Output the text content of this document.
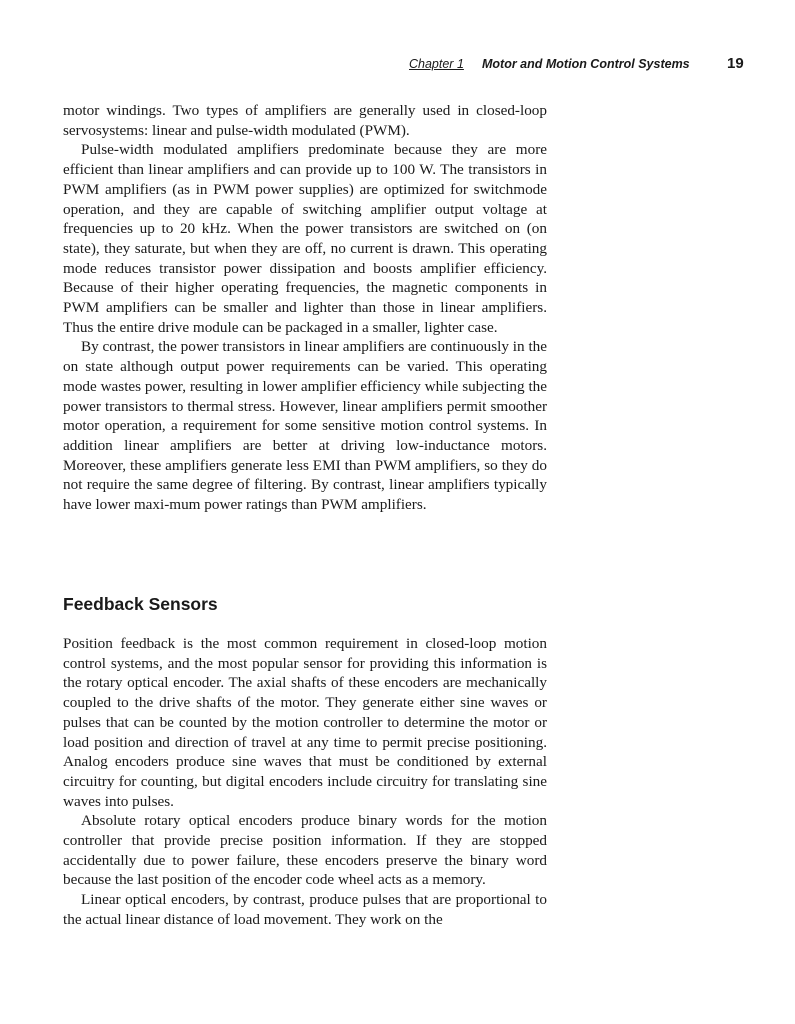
Chapter 1 Motor and Motion Control Systems 19

motor windings. Two types of amplifiers are generally used in closed-loop servosystems: linear and pulse-width modulated (PWM).

Pulse-width modulated amplifiers predominate because they are more efficient than linear amplifiers and can provide up to 100 W. The transistors in PWM amplifiers (as in PWM power supplies) are optimized for switchmode operation, and they are capable of switching amplifier output voltage at frequencies up to 20 kHz. When the power transistors are switched on (on state), they saturate, but when they are off, no current is drawn. This operating mode reduces transistor power dissipation and boosts amplifier efficiency. Because of their higher operating frequencies, the magnetic components in PWM amplifiers can be smaller and lighter than those in linear amplifiers. Thus the entire drive module can be packaged in a smaller, lighter case.

By contrast, the power transistors in linear amplifiers are continuously in the on state although output power requirements can be varied. This operating mode wastes power, resulting in lower amplifier efficiency while subjecting the power transistors to thermal stress. However, linear amplifiers permit smoother motor operation, a requirement for some sensitive motion control systems. In addition linear amplifiers are better at driving low-inductance motors. Moreover, these amplifiers generate less EMI than PWM amplifiers, so they do not require the same degree of filtering. By contrast, linear amplifiers typically have lower maxi-mum power ratings than PWM amplifiers.

Feedback Sensors

Position feedback is the most common requirement in closed-loop motion control systems, and the most popular sensor for providing this information is the rotary optical encoder. The axial shafts of these encoders are mechanically coupled to the drive shafts of the motor. They generate either sine waves or pulses that can be counted by the motion controller to determine the motor or load position and direction of travel at any time to permit precise positioning. Analog encoders produce sine waves that must be conditioned by external circuitry for counting, but digital encoders include circuitry for translating sine waves into pulses.

Absolute rotary optical encoders produce binary words for the motion controller that provide precise position information. If they are stopped accidentally due to power failure, these encoders preserve the binary word because the last position of the encoder code wheel acts as a memory.

Linear optical encoders, by contrast, produce pulses that are proportional to the actual linear distance of load movement. They work on the
